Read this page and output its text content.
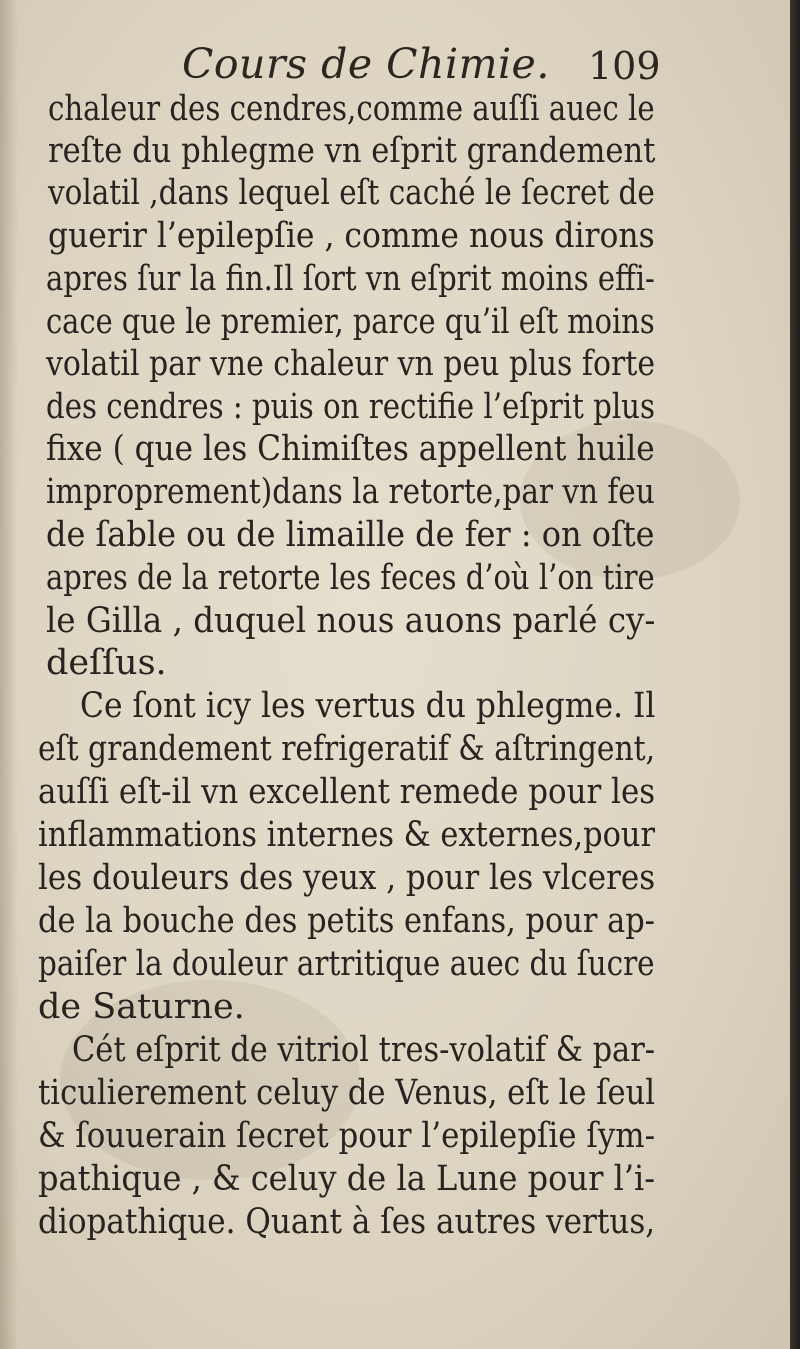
Cours de Chimie. 109
chaleur des cendres,comme auſſi auec le
reſte du phlegme vn eſprit grandement
volatil ,dans lequel eſt caché le ſecret de
guerir l’epilepſie , comme nous dirons
apres ſur la fin.Il ſort vn eſprit moins effi-
cace que le premier, parce qu’il eſt moins
volatil par vne chaleur vn peu plus forte
des cendres : puis on rectifie l’eſprit plus
fixe ( que les Chimiſtes appellent huile
improprement)dans la retorte,par vn feu
de ſable ou de limaille de fer : on oſte
apres de la retorte les feces d’où l’on tire
le Gilla , duquel nous auons parlé cy-
deſſus.
Ce ſont icy les vertus du phlegme. Il
eſt grandement refrigeratif & aſtringent,
auſſi eſt-il vn excellent remede pour les
inflammations internes & externes,pour
les douleurs des yeux , pour les vlceres
de la bouche des petits enfans, pour ap-
paiſer la douleur artritique auec du ſucre
de Saturne.
Cét eſprit de vitriol tres-volatif & par-
ticulierement celuy de Venus, eſt le ſeul
& ſouuerain ſecret pour l’epilepſie ſym-
pathique , & celuy de la Lune pour l’i-
diopathique. Quant à ſes autres vertus,
